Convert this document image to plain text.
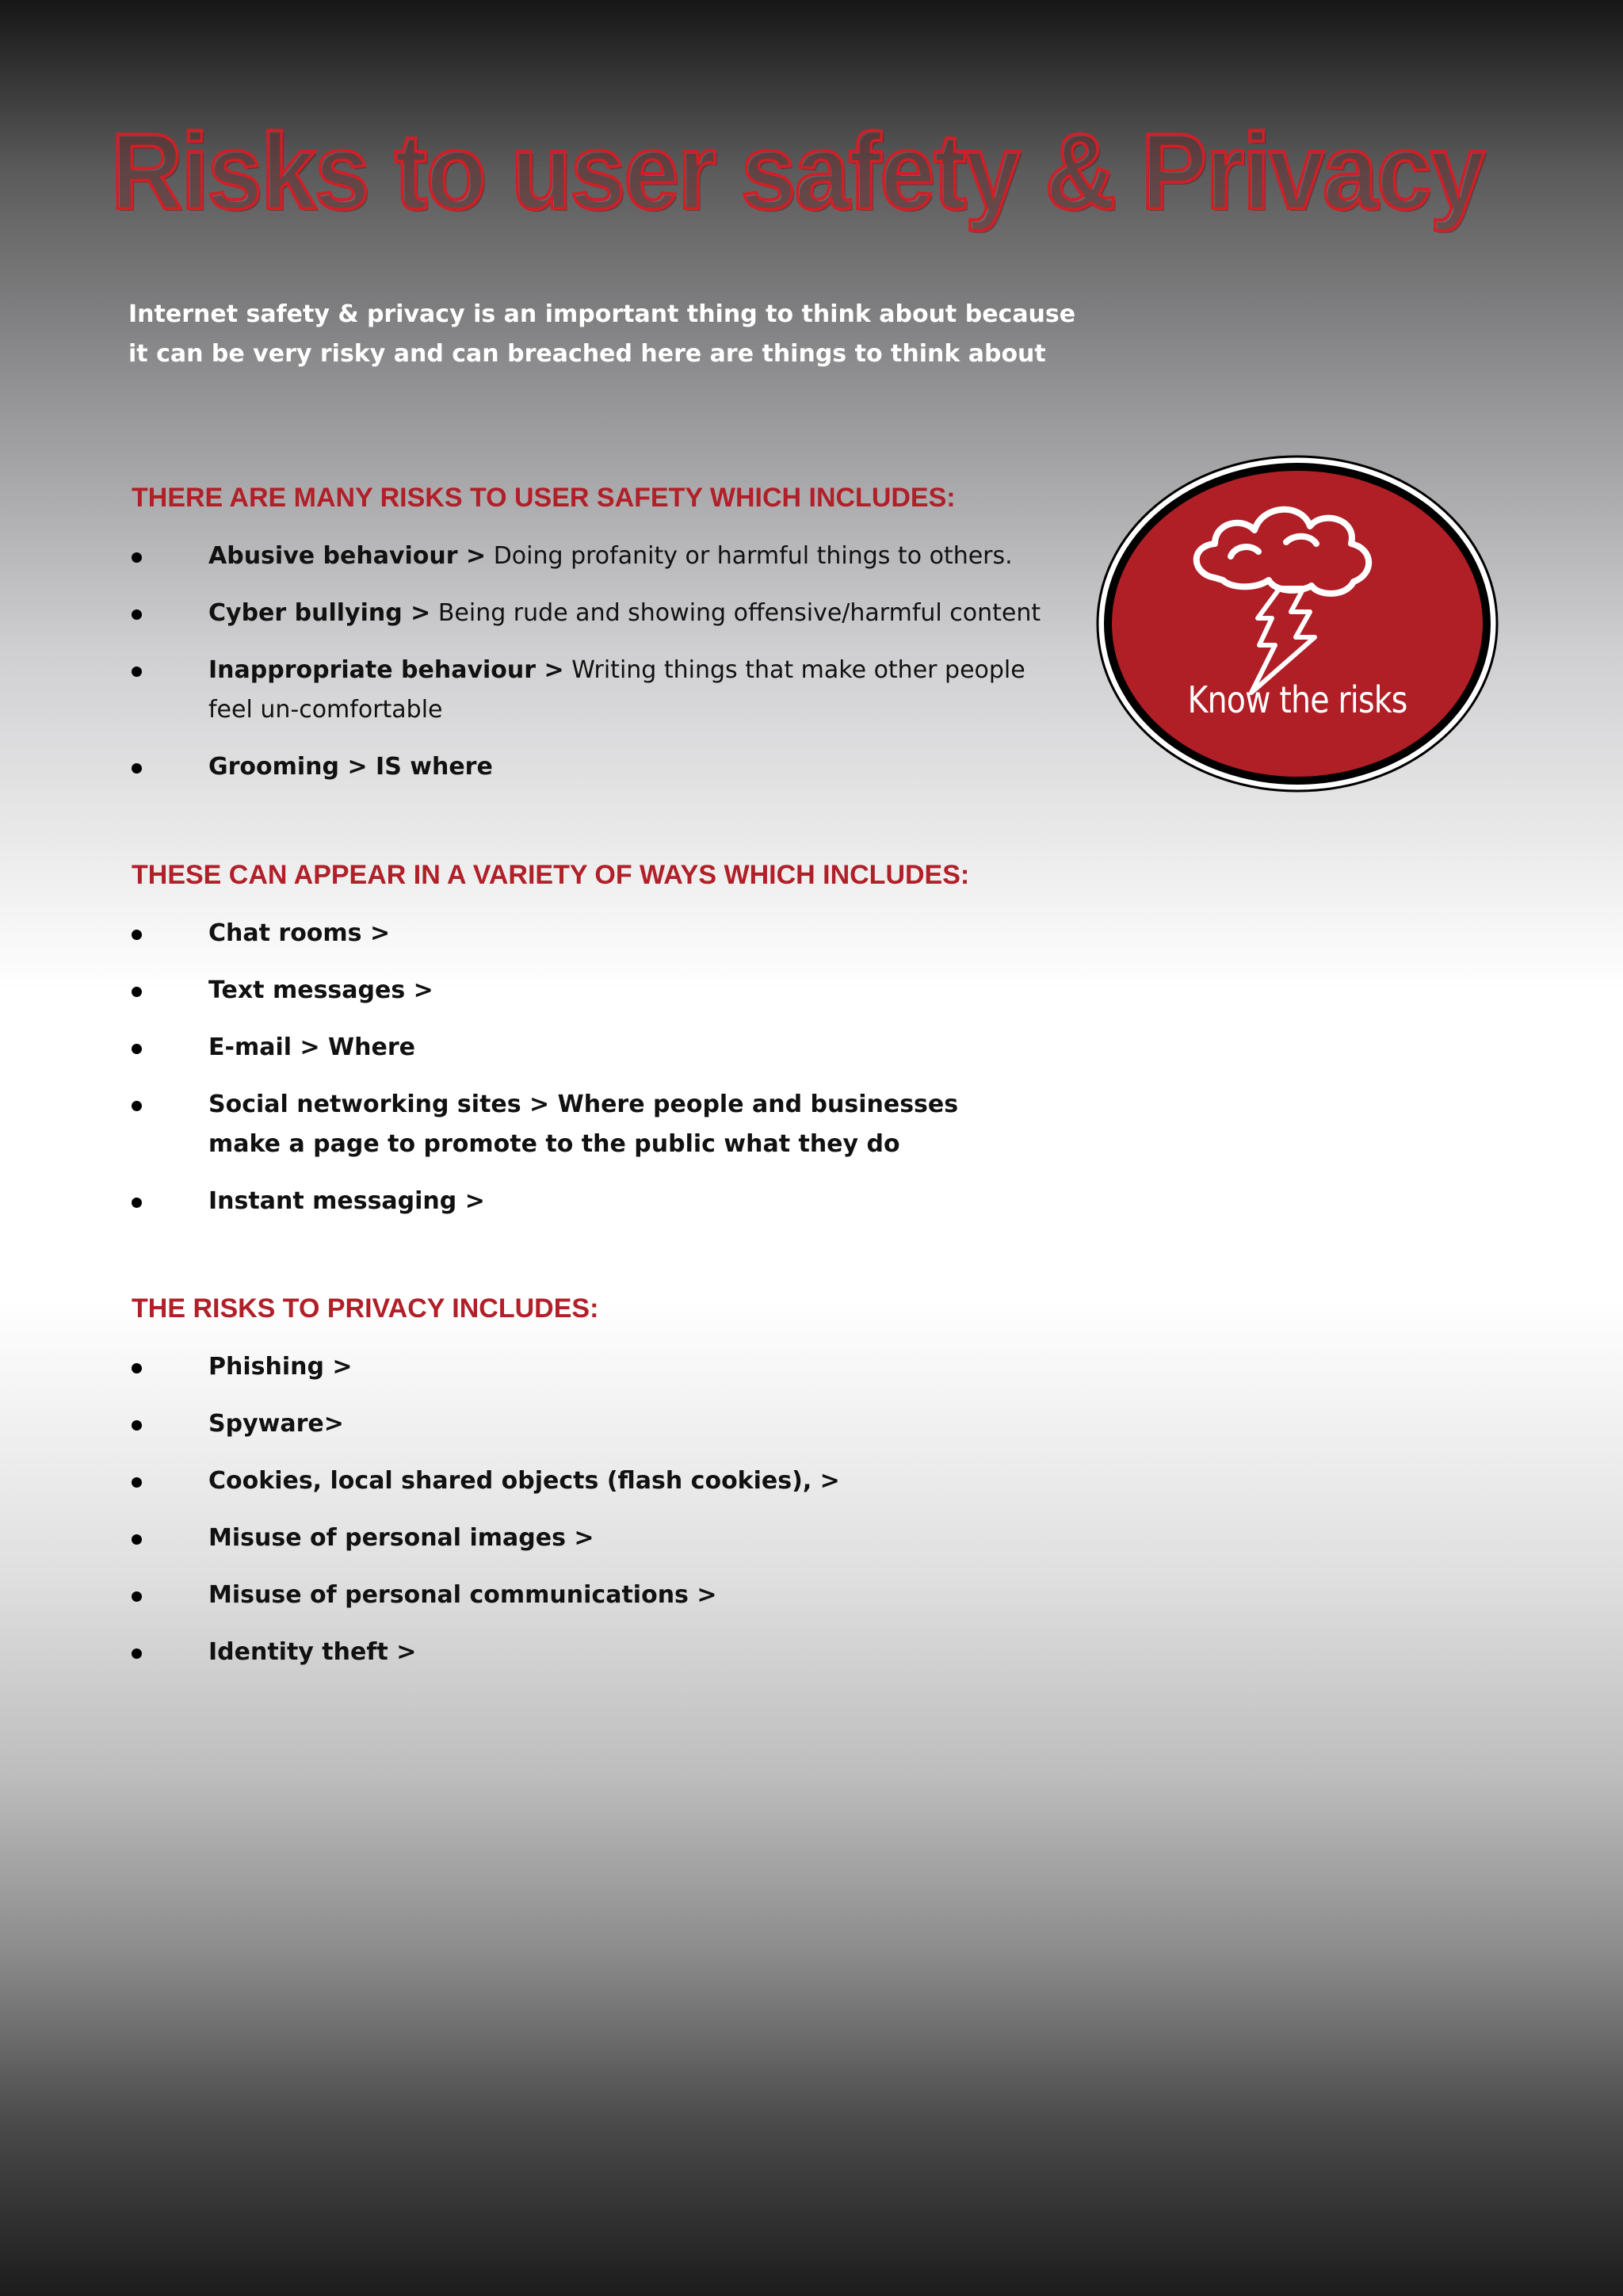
Risks to user safety & Privacy

Internet safety & privacy is an important thing to think about because

it can be very risky and can breached here are things to think about

Know the risks
THERE ARE MANY RISKS TO USER SAFETY WHICH INCLUDES:
Abusive behaviour > Doing profanity or harmful things to others.
Cyber bullying > Being rude and showing offensive/harmful content
Inappropriate behaviour > Writing things that make other people feel un-comfortable
Grooming > IS where
THESE CAN APPEAR IN A VARIETY OF WAYS WHICH INCLUDES:
Chat rooms >
Text messages >
E-mail > Where
Social networking sites > Where people and businesses make a page to promote to the public what they do
Instant messaging >
THE RISKS TO PRIVACY INCLUDES:
Phishing >
Spyware>
Cookies, local shared objects (flash cookies), >
Misuse of personal images >
Misuse of personal communications >
Identity theft >
